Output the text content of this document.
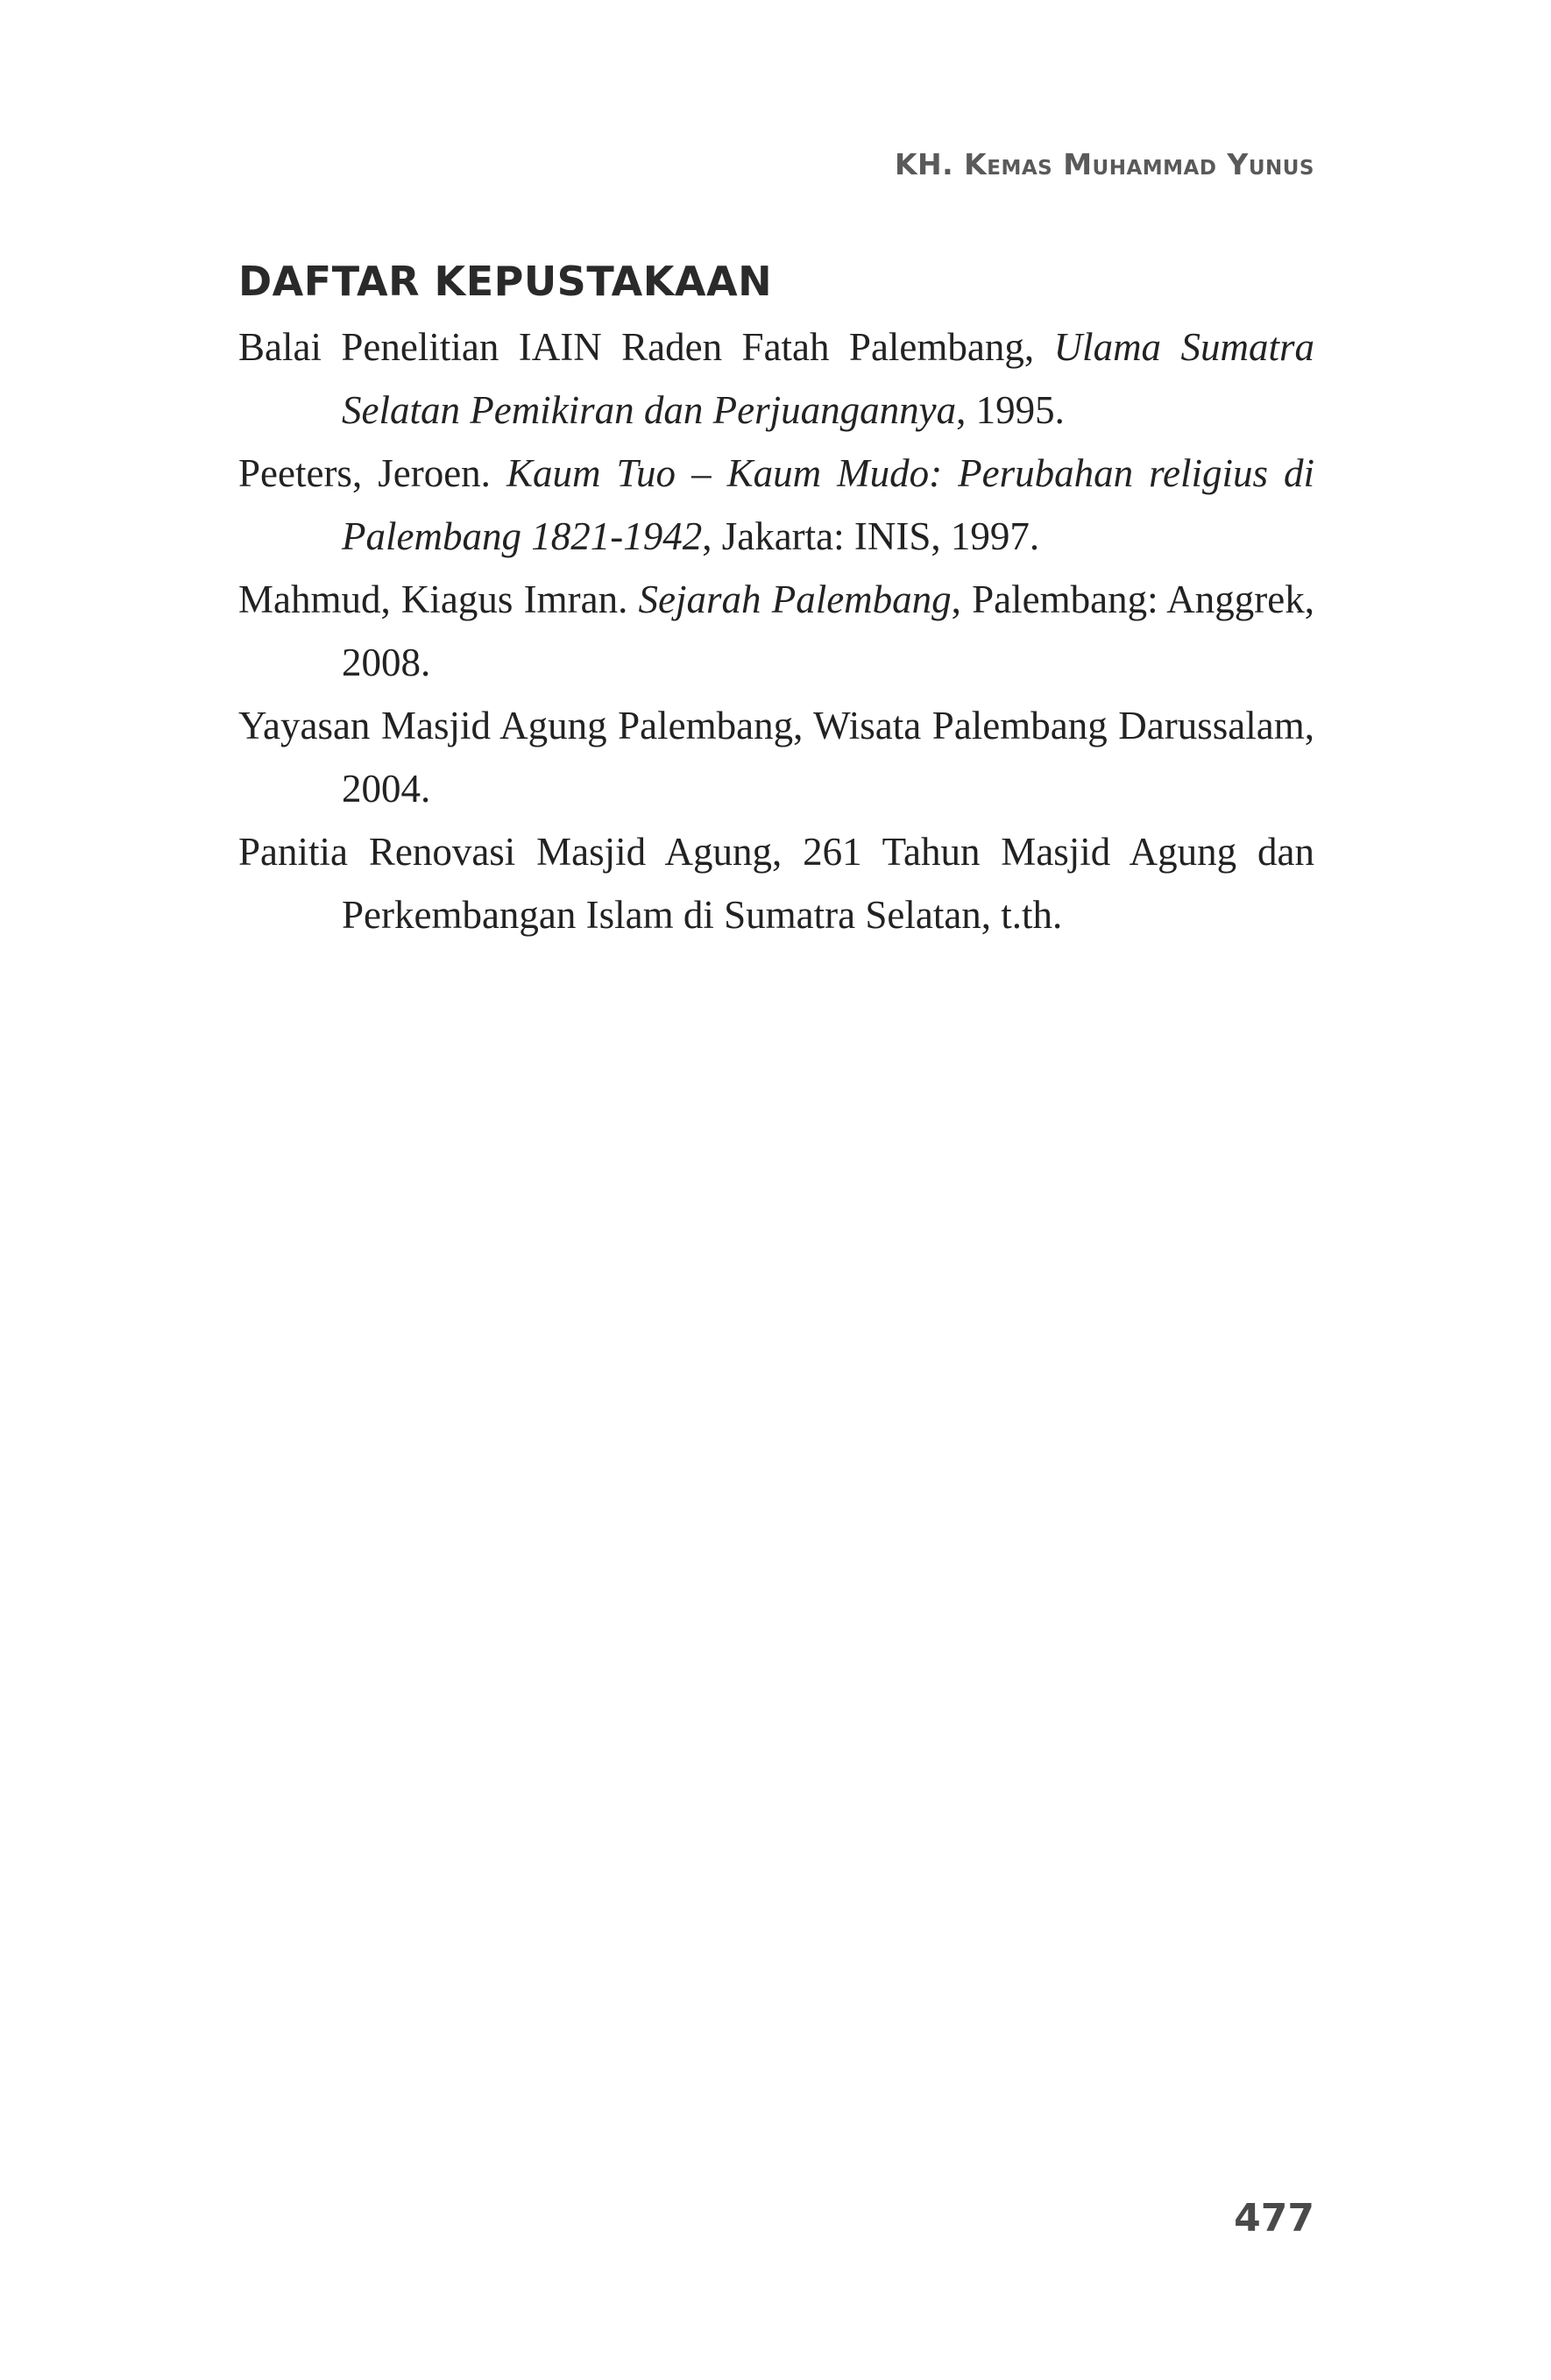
KH. Kemas Muhammad Yunus
DAFTAR KEPUSTAKAAN
Balai Penelitian IAIN Raden Fatah Palembang, Ulama Sumatra Selatan Pemikiran dan Perjuangannya, 1995.
Peeters, Jeroen. Kaum Tuo – Kaum Mudo: Perubahan religius di Palembang 1821-1942, Jakarta: INIS, 1997.
Mahmud, Kiagus Imran. Sejarah Palembang, Palembang: Anggrek, 2008.
Yayasan Masjid Agung Palembang, Wisata Palembang Darussalam, 2004.
Panitia Renovasi Masjid Agung, 261 Tahun Masjid Agung dan Perkembangan Islam di Sumatra Selatan, t.th.
477
